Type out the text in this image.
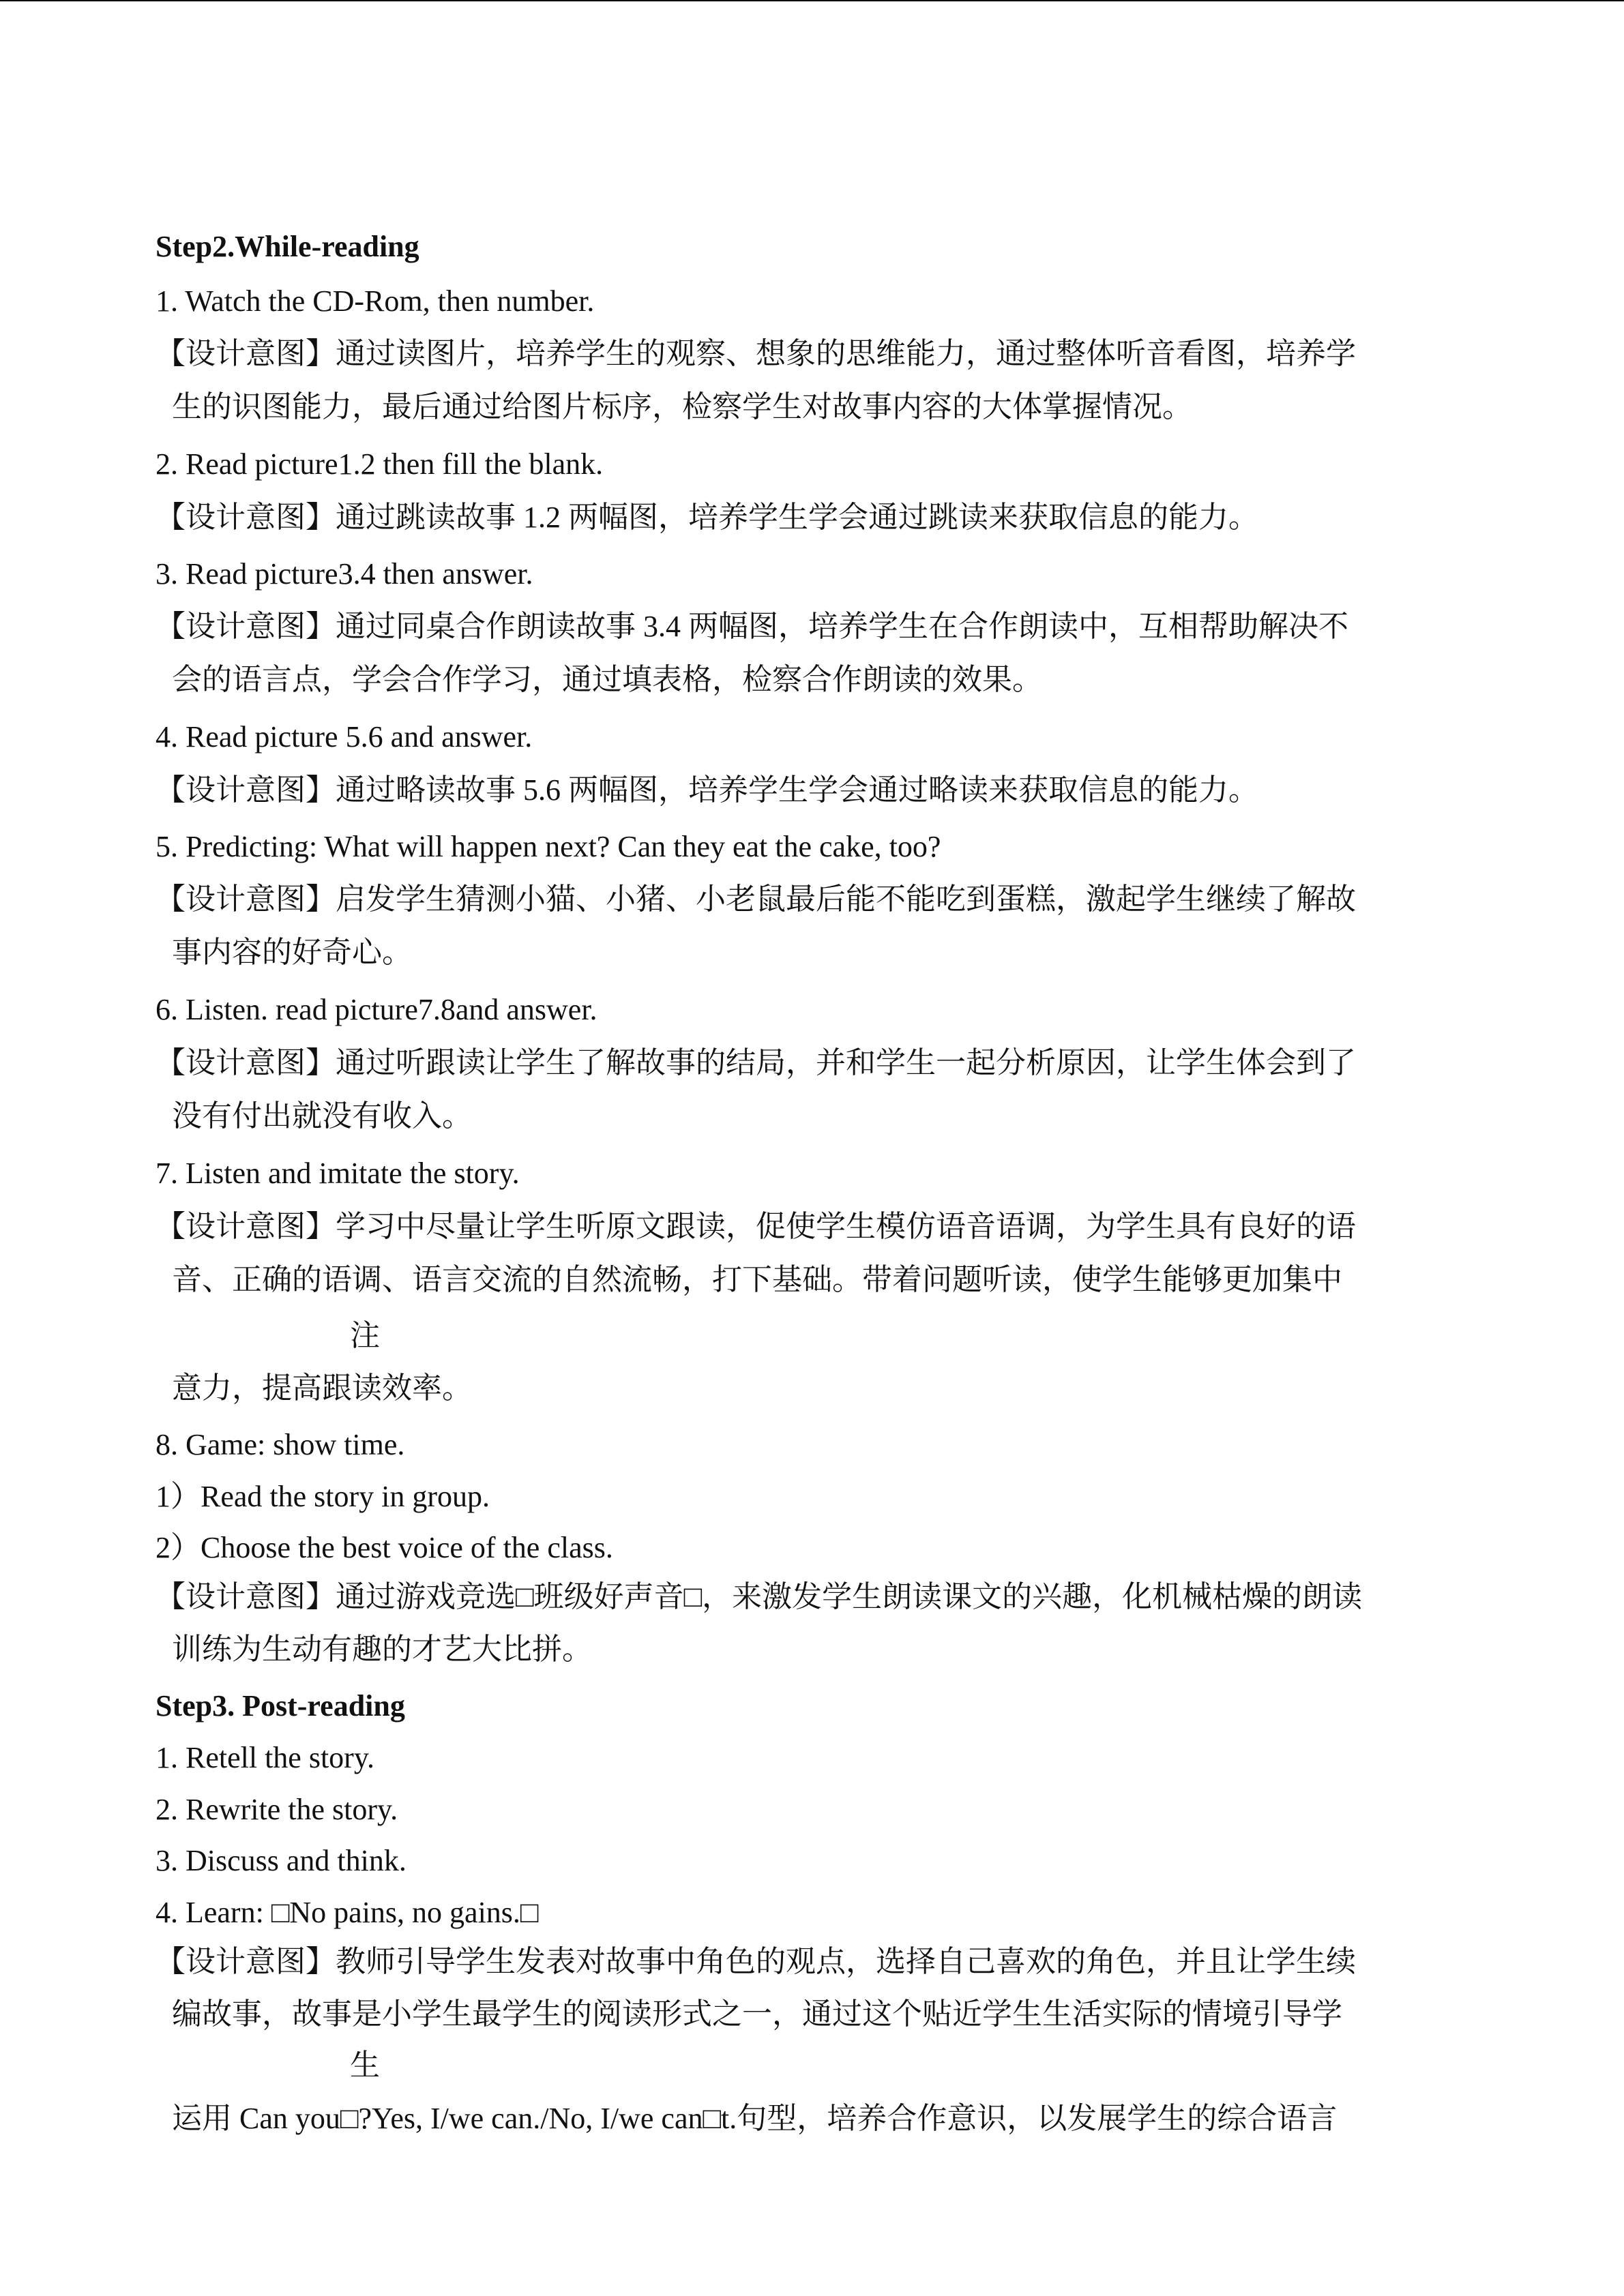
Step2.While-reading
1. Watch the CD-Rom, then number.
【设计意图】通过读图片，培养学生的观察、想象的思维能力，通过整体听音看图，培养学
生的识图能力，最后通过给图片标序，检察学生对故事内容的大体掌握情况。
2. Read picture1.2 then fill the blank.
【设计意图】通过跳读故事 1.2 两幅图，培养学生学会通过跳读来获取信息的能力。
3. Read picture3.4 then answer.
【设计意图】通过同桌合作朗读故事 3.4 两幅图，培养学生在合作朗读中，互相帮助解决不
会的语言点，学会合作学习，通过填表格，检察合作朗读的效果。
4. Read picture 5.6 and answer.
【设计意图】通过略读故事 5.6 两幅图，培养学生学会通过略读来获取信息的能力。
5. Predicting: What will happen next? Can they eat the cake, too?
【设计意图】启发学生猜测小猫、小猪、小老鼠最后能不能吃到蛋糕，激起学生继续了解故
事内容的好奇心。
6. Listen. read picture7.8and answer.
【设计意图】通过听跟读让学生了解故事的结局，并和学生一起分析原因，让学生体会到了
没有付出就没有收入。
7. Listen and imitate the story.
【设计意图】学习中尽量让学生听原文跟读，促使学生模仿语音语调，为学生具有良好的语
音、正确的语调、语言交流的自然流畅，打下基础。带着问题听读，使学生能够更加集中
注
意力，提高跟读效率。
8. Game: show time.
1）Read the story in group.
2）Choose the best voice of the class.
【设计意图】通过游戏竞选□班级好声音□，来激发学生朗读课文的兴趣，化机械枯燥的朗读
训练为生动有趣的才艺大比拼。
Step3. Post-reading
1. Retell the story.
2. Rewrite the story.
3. Discuss and think.
4. Learn: □No pains, no gains.□
【设计意图】教师引导学生发表对故事中角色的观点，选择自己喜欢的角色，并且让学生续
编故事，故事是小学生最学生的阅读形式之一，通过这个贴近学生生活实际的情境引导学
生
运用 Can you□?Yes, I/we can./No, I/we can□t.句型，培养合作意识，以发展学生的综合语言
